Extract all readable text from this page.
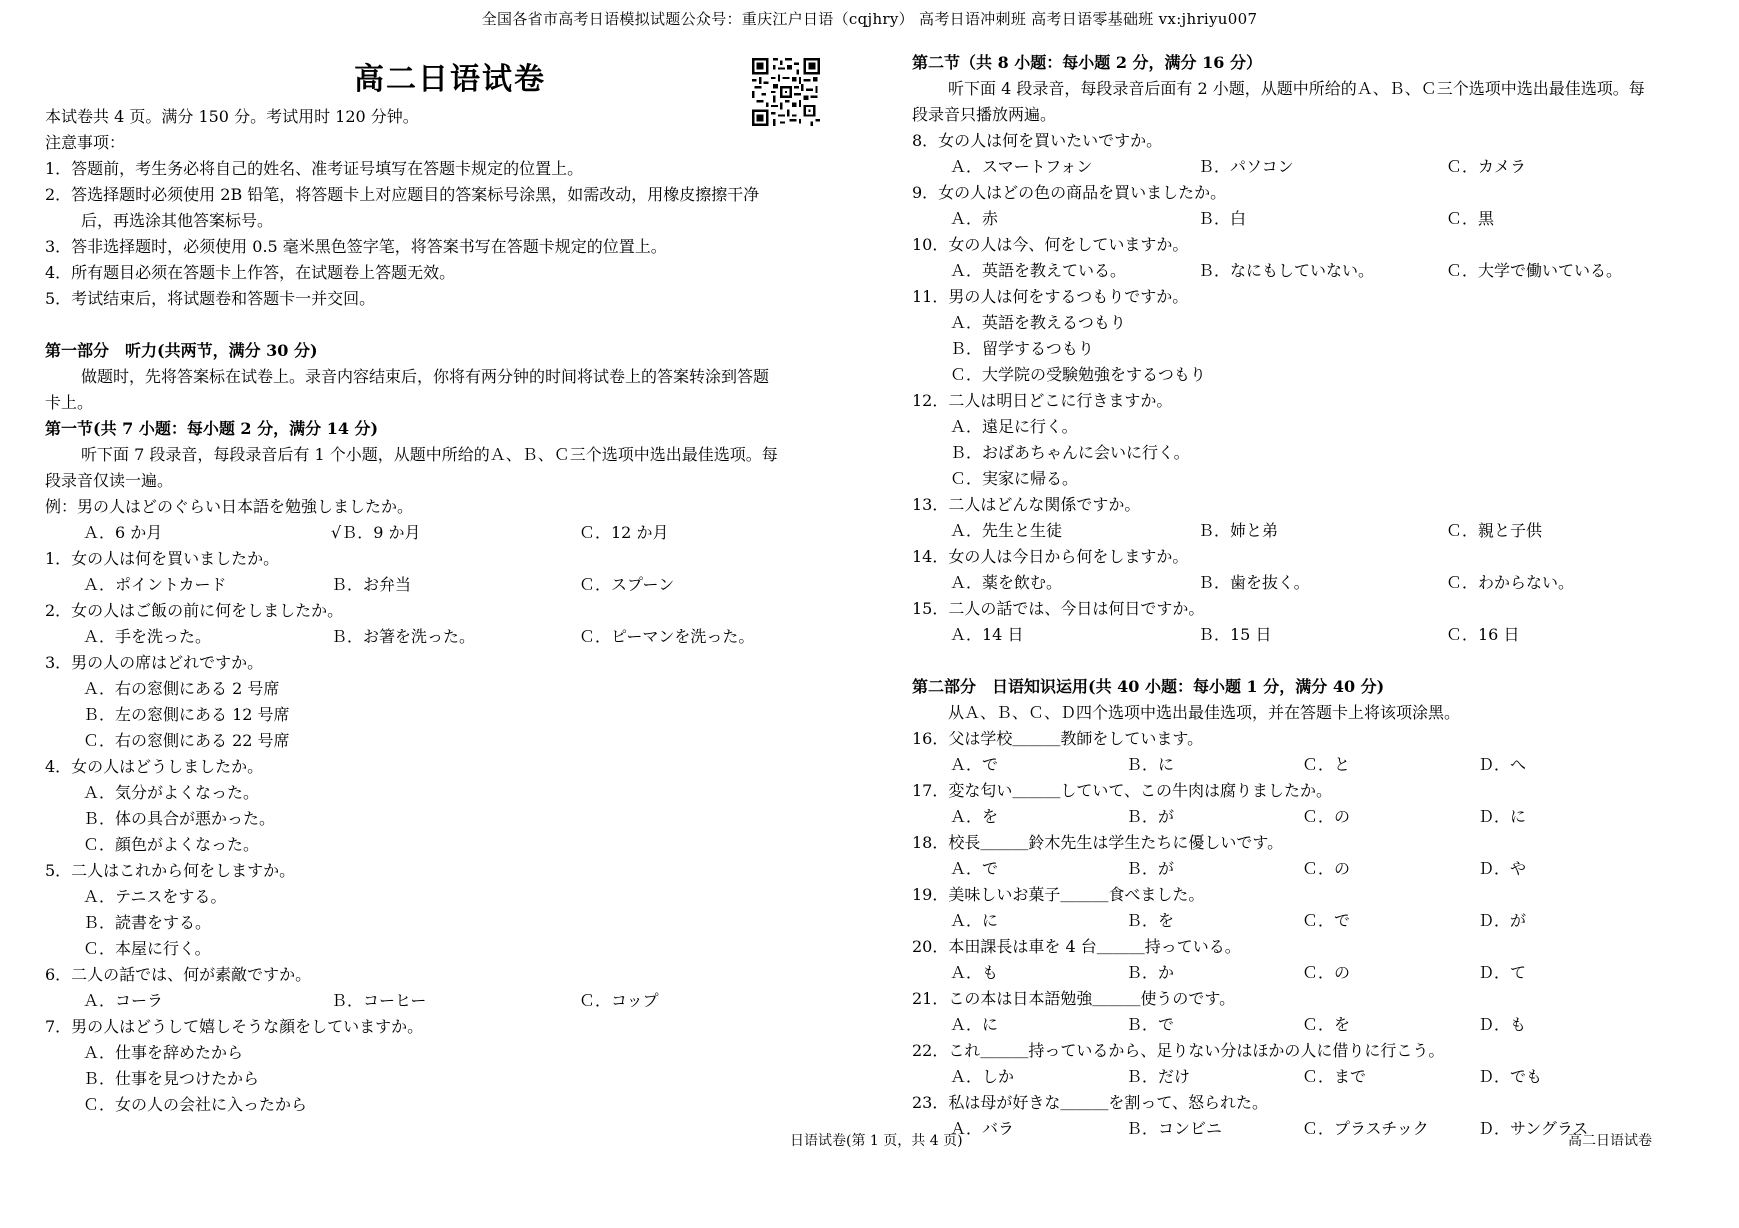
全国各省市高考日语模拟试题公众号：重庆江户日语（cqjhry） 高考日语冲刺班 高考日语零基础班 vx:jhriyu007
高二日语试卷
本试卷共 4 页。满分 150 分。考试用时 120 分钟。
注意事项：
1．答题前，考生务必将自己的姓名、准考证号填写在答题卡规定的位置上。
2．答选择题时必须使用 2B 铅笔，将答题卡上对应题目的答案标号涂黑，如需改动，用橡皮擦擦干净
后，再选涂其他答案标号。
3．答非选择题时，必须使用 0.5 毫米黑色签字笔，将答案书写在答题卡规定的位置上。
4．所有题目必须在答题卡上作答，在试题卷上答题无效。
5．考试结束后，将试题卷和答题卡一并交回。
第一部分　听力(共两节，满分 30 分)
做题时，先将答案标在试卷上。录音内容结束后，你将有两分钟的时间将试卷上的答案转涂到答题
卡上。
第一节(共 7 小题：每小题 2 分，满分 14 分)
听下面 7 段录音，每段录音后有 1 个小题，从题中所给的Ａ、Ｂ、Ｃ三个选项中选出最佳选项。每
段录音仅读一遍。
例：男の人はどのぐらい日本語を勉強しましたか。
Ａ．6 か月	√Ｂ．9 か月	Ｃ．12 か月
1．女の人は何を買いましたか。
Ａ．ポイントカード	Ｂ．お弁当	Ｃ．スプーン
2．女の人はご飯の前に何をしましたか。
Ａ．手を洗った。	Ｂ．お箸を洗った。	Ｃ．ピーマンを洗った。
3．男の人の席はどれですか。
Ａ．右の窓側にある 2 号席
Ｂ．左の窓側にある 12 号席
Ｃ．右の窓側にある 22 号席
4．女の人はどうしましたか。
Ａ．気分がよくなった。
Ｂ．体の具合が悪かった。
Ｃ．顔色がよくなった。
5．二人はこれから何をしますか。
Ａ．テニスをする。
Ｂ．読書をする。
Ｃ．本屋に行く。
6．二人の話では、何が素敵ですか。
Ａ．コーラ	Ｂ．コーヒー	Ｃ．コップ
7．男の人はどうして嬉しそうな顔をしていますか。
Ａ．仕事を辞めたから
Ｂ．仕事を見つけたから
Ｃ．女の人の会社に入ったから
第二节（共 8 小题：每小题 2 分，满分 16 分）
听下面 4 段录音，每段录音后面有 2 小题，从题中所给的Ａ、Ｂ、Ｃ三个选项中选出最佳选项。每
段录音只播放两遍。
8．女の人は何を買いたいですか。
Ａ．スマートフォン	Ｂ．パソコン	Ｃ．カメラ
9．女の人はどの色の商品を買いましたか。
Ａ．赤	Ｂ．白	Ｃ．黒
10．女の人は今、何をしていますか。
Ａ．英語を教えている。	Ｂ．なにもしていない。	Ｃ．大学で働いている。
11．男の人は何をするつもりですか。
Ａ．英語を教えるつもり
Ｂ．留学するつもり
Ｃ．大学院の受験勉強をするつもり
12．二人は明日どこに行きますか。
Ａ．遠足に行く。
Ｂ．おばあちゃんに会いに行く。
Ｃ．実家に帰る。
13．二人はどんな関係ですか。
Ａ．先生と生徒	Ｂ．姉と弟	Ｃ．親と子供
14．女の人は今日から何をしますか。
Ａ．薬を飲む。	Ｂ．歯を抜く。	Ｃ．わからない。
15．二人の話では、今日は何日ですか。
Ａ．14 日	Ｂ．15 日	Ｃ．16 日
第二部分　日语知识运用(共 40 小题：每小题 1 分，满分 40 分)
从Ａ、Ｂ、Ｃ、Ｄ四个选项中选出最佳选项，并在答题卡上将该项涂黑。
16．父は学校＿＿＿教師をしています。
Ａ．で	Ｂ．に	Ｃ．と	Ｄ．へ
17．変な匂い＿＿＿していて、この牛肉は腐りましたか。
Ａ．を	Ｂ．が	Ｃ．の	Ｄ．に
18．校長＿＿＿鈴木先生は学生たちに優しいです。
Ａ．で	Ｂ．が	Ｃ．の	Ｄ．や
19．美味しいお菓子＿＿＿食べました。
Ａ．に	Ｂ．を	Ｃ．で	Ｄ．が
20．本田課長は車を 4 台＿＿＿持っている。
Ａ．も	Ｂ．か	Ｃ．の	Ｄ．て
21．この本は日本語勉強＿＿＿使うのです。
Ａ．に	Ｂ．で	Ｃ．を	Ｄ．も
22．これ＿＿＿持っているから、足りない分はほかの人に借りに行こう。
Ａ．しか	Ｂ．だけ	Ｃ．まで	Ｄ．でも
23．私は母が好きな＿＿＿を割って、怒られた。
Ａ．バラ	Ｂ．コンビニ	Ｃ．プラスチック	Ｄ．サングラス
日语试卷(第 1 页，共 4 页)	高二日语试卷
